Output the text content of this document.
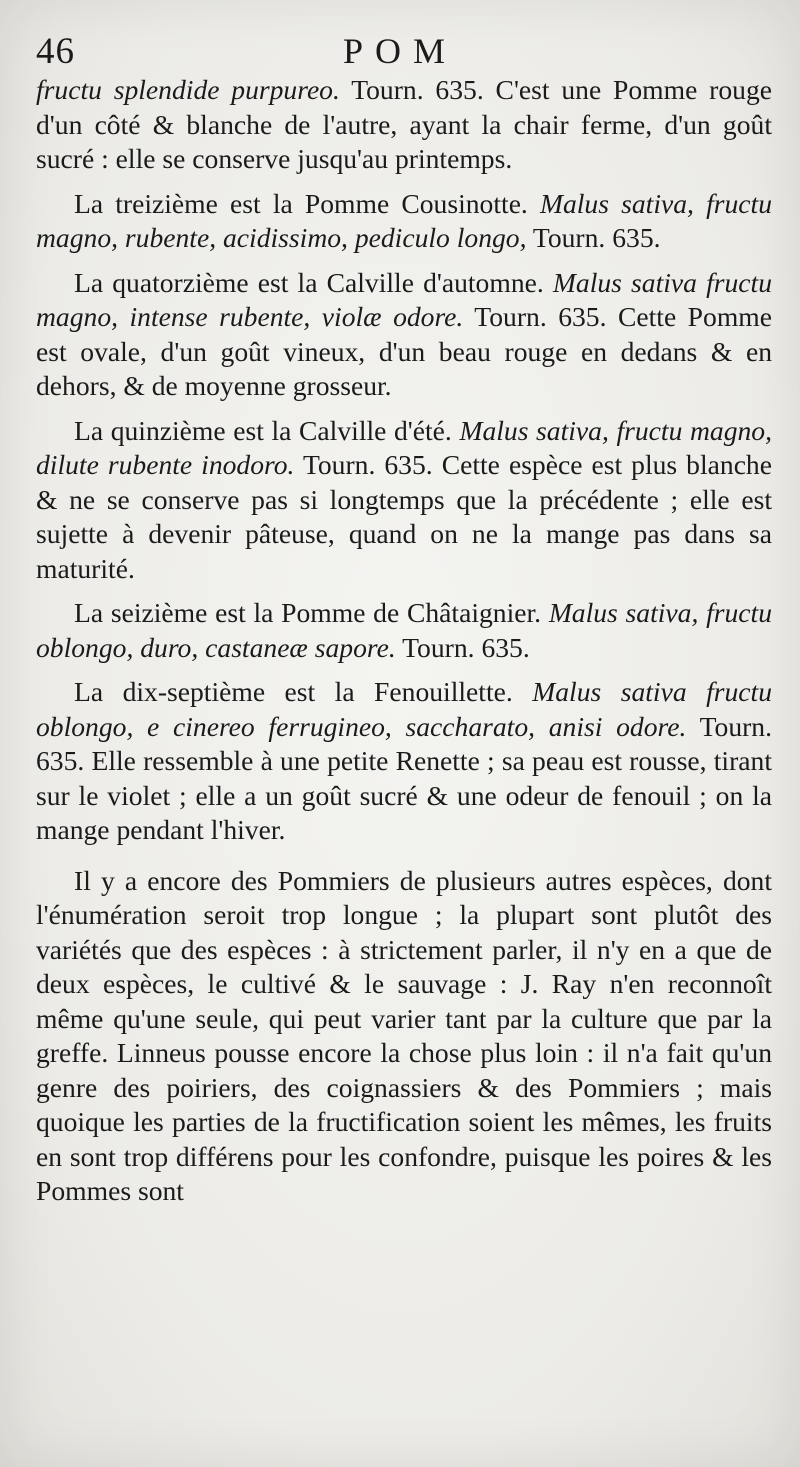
46	POM

fructu splendide purpureo. Tourn. 635. C'est une Pomme rouge d'un côté & blanche de l'autre, ayant la chair ferme, d'un goût sucré : elle se conserve jusqu'au printemps.

La treizième est la Pomme Cousinotte. Malus sativa, fructu magno, rubente, acidissimo, pediculo longo, Tourn. 635.

La quatorzième est la Calville d'automne. Malus sativa fructu magno, intense rubente, violæ odore. Tourn. 635. Cette Pomme est ovale, d'un goût vineux, d'un beau rouge en dedans & en dehors, & de moyenne grosseur.

La quinzième est la Calville d'été. Malus sativa, fructu magno, dilute rubente inodoro. Tourn. 635. Cette espèce est plus blanche & ne se conserve pas si longtemps que la précédente ; elle est sujette à devenir pâteuse, quand on ne la mange pas dans sa maturité.

La seizième est la Pomme de Châtaignier. Malus sativa, fructu oblongo, duro, castaneæ sapore. Tourn. 635.

La dix-septième est la Fenouillette. Malus sativa fructu oblongo, e cinereo ferrugineo, saccharato, anisi odore. Tourn. 635. Elle ressemble à une petite Renette ; sa peau est rousse, tirant sur le violet ; elle a un goût sucré & une odeur de fenouil ; on la mange pendant l'hiver.

Il y a encore des Pommiers de plusieurs autres espèces, dont l'énumération seroit trop longue ; la plupart sont plutôt des variétés que des espèces : à strictement parler, il n'y en a que de deux espèces, le cultivé & le sauvage : J. Ray n'en reconnoît même qu'une seule, qui peut varier tant par la culture que par la greffe. Linneus pousse encore la chose plus loin : il n'a fait qu'un genre des poiriers, des coignassiers & des Pommiers ; mais quoique les parties de la fructification soient les mêmes, les fruits en sont trop différens pour les confondre, puisque les poires & les Pommes sont
